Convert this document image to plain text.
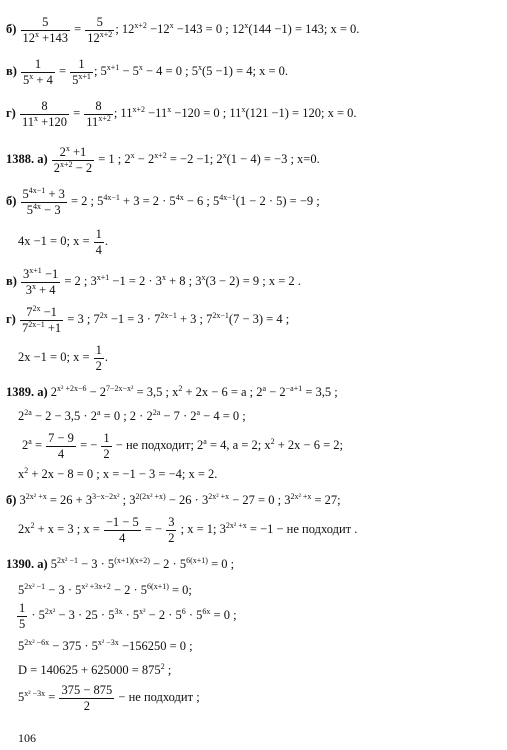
$б) \frac{5}{12^x +143} = \frac{5}{12^{x+2}}$ ; $12^{x+2} -12^x -143 = 0$ ; $12^x(144 -1) = 143$; x = 0.
$в) \frac{1}{5^x + 4} = \frac{1}{5^{x+1}}$ ; $5^{x+1} - 5^x - 4 = 0$ ; $5^x(5 -1) = 4$; x = 0.
$г) \frac{8}{11^x +120} = \frac{8}{11^{x+2}}$ ; $11^{x+2} -11^x -120 = 0$ ; $11^x(121 -1) = 120$; x = 0.
1388. $а) \frac{2^x +1}{2^{x+2} - 2} = 1$ ; $2^x - 2^{x+2} = -2 -1$; $2^x(1 - 4) = -3$ ; x=0.
$б) \frac{5^{4x-1} + 3}{5^{4x} - 3} = 2$ ; $5^{4x-1} + 3 = 2 \cdot 5^{4x} - 6$ ; $5^{4x-1}(1 - 2 \cdot 5) = -9$ ;
4x −1 = 0; $x = \frac{1}{4}$ .
$в) \frac{3^{x+1} -1}{3^x + 4} = 2$ ; $3^{x+1} -1 = 2 \cdot 3^x + 8$ ; $3^x(3 - 2) = 9$ ; x = 2 .
$г) \frac{7^{2x} -1}{7^{2x-1} +1} = 3$ ; $7^{2x} -1 = 3 \cdot 7^{2x-1} + 3$ ; $7^{2x-1}(7 - 3) = 4$ ;
2x −1 = 0; $x = \frac{1}{2}$ .
1389. а) $2^{x^2 +2x-6} - 2^{7-2x-x^2} = 3,5$ ; $x^2 + 2x - 6 = a$ ; $2^a - 2^{-a+1} = 3,5$ ;
$2^{2a} - 2 - 3,5 \cdot 2^a = 0$ ; $2 \cdot 2^{2a} - 7 \cdot 2^a - 4 = 0$ ;
$2^a = \frac{7 - 9}{4}$ = − $\frac{1}{2}$ − не подходит; $2^a = 4$, a = 2; $x^2 + 2x - 6 = 2$;
$x^2 + 2x - 8 = 0$ ; x = −1 − 3 = −4; x = 2.
б) $3^{2x^2 +x} = 26 + 3^{3-x-2x^2}$ ; $3^{2(2x^2 +x)} - 26 \cdot 3^{2x^2 +x} - 27 = 0$ ; $3^{2x^2 +x} = 27$;
$2x^2 + x = 3$ ; $x = \frac{-1 - 5}{4}$ = − $\frac{3}{2}$ ; x = 1; $3^{2x^2 +x} = -1$ − не подходит .
1390. а) $5^{2x^2 -1} - 3 \cdot 5^{(x+1)(x+2)} - 2 \cdot 5^{6(x+1)} = 0$ ;
$5^{2x^2 -1} - 3 \cdot 5^{x^2 +3x+2} - 2 \cdot 5^{6(x+1)} = 0$;
$\frac{1}{5} \cdot 5^{2x^2} - 3 \cdot 25 \cdot 5^{3x} \cdot 5^{x^2} - 2 \cdot 5^6 \cdot 5^{6x} = 0$ ;
$5^{2x^2 -6x} - 375 \cdot 5^{x^2 -3x} -156250 = 0$ ;
$D = 140625 + 625000 = 875^2$ ;
$5^{x^2 -3x} = \frac{375 - 875}{2}$ − не подходит ;
106
